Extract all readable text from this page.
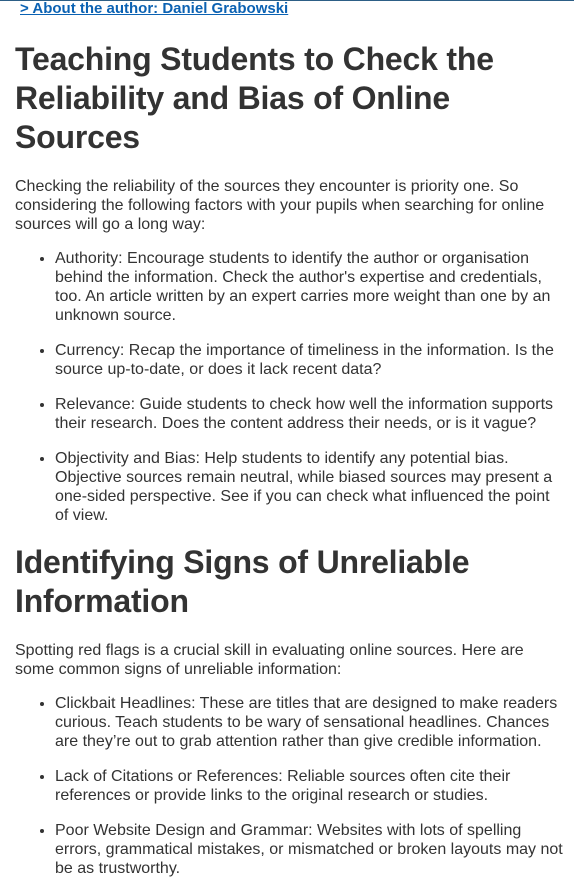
> About the author: Daniel Grabowski
Teaching Students to Check the Reliability and Bias of Online Sources

Checking the reliability of the sources they encounter is priority one. So considering the following factors with your pupils when searching for online sources will go a long way:

• Authority: Encourage students to identify the author or organisation behind the information. Check the author's expertise and credentials, too. An article written by an expert carries more weight than one by an unknown source.
• Currency: Recap the importance of timeliness in the information. Is the source up-to-date, or does it lack recent data?
• Relevance: Guide students to check how well the information supports their research. Does the content address their needs, or is it vague?
• Objectivity and Bias: Help students to identify any potential bias. Objective sources remain neutral, while biased sources may present a one-sided perspective. See if you can check what influenced the point of view.
Identifying Signs of Unreliable Information

Spotting red flags is a crucial skill in evaluating online sources. Here are some common signs of unreliable information:

• Clickbait Headlines: These are titles that are designed to make readers curious. Teach students to be wary of sensational headlines. Chances are they’re out to grab attention rather than give credible information.
• Lack of Citations or References: Reliable sources often cite their references or provide links to the original research or studies.
• Poor Website Design and Grammar: Websites with lots of spelling errors, grammatical mistakes, or mismatched or broken layouts may not be as trustworthy.
